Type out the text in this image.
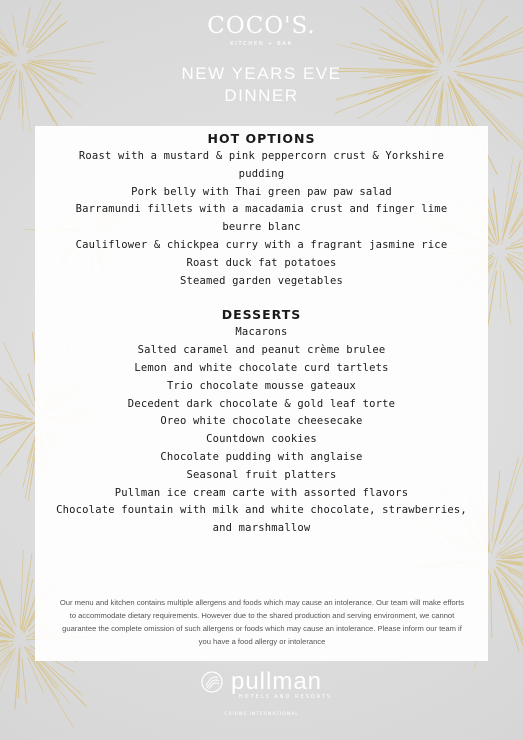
COCO'S.
KITCHEN + BAR
NEW YEARS EVE
DINNER
HOT OPTIONS
Roast with a mustard & pink peppercorn crust & Yorkshire pudding
Pork belly with Thai green paw paw salad
Barramundi fillets with a macadamia crust and finger lime beurre blanc
Cauliflower & chickpea curry with a fragrant jasmine rice
Roast duck fat potatoes
Steamed garden vegetables
DESSERTS
Macarons
Salted caramel and peanut crème brulee
Lemon and white chocolate curd tartlets
Trio chocolate mousse gateaux
Decedent dark chocolate & gold leaf torte
Oreo white chocolate cheesecake
Countdown cookies
Chocolate pudding with anglaise
Seasonal fruit platters
Pullman ice cream carte with assorted flavors
Chocolate fountain with milk and white chocolate, strawberries, and marshmallow
Our menu and kitchen contains multiple allergens and foods which may cause an intolerance. Our team will make efforts to accommodate dietary requirements. However due to the shared production and serving environment, we cannot guarantee the complete omission of such allergens or foods which may cause an intolerance. Please inform our team if you have a food allergy or intolerance
pullman
HOTELS AND RESORTS
CAIRNS INTERNATIONAL
